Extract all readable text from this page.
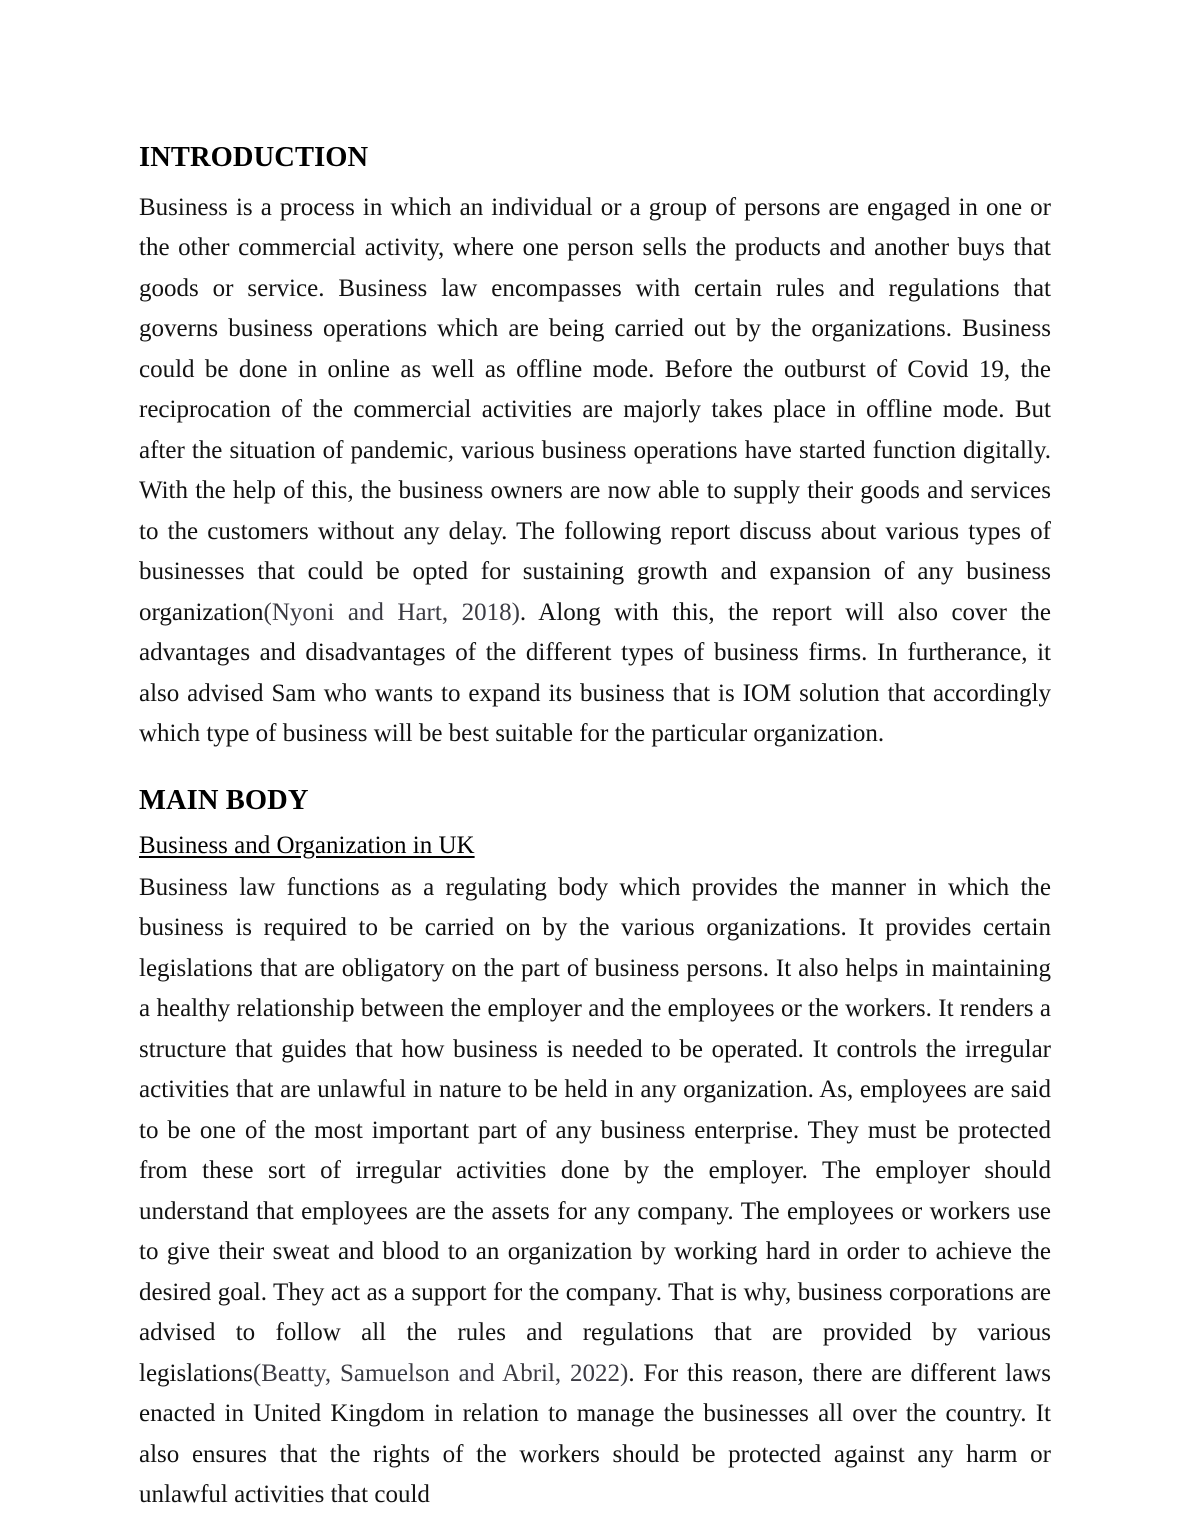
INTRODUCTION

Business is a process in which an individual or a group of persons are engaged in one or the other commercial activity, where one person sells the products and another buys that goods or service. Business law encompasses with certain rules and regulations that governs business operations which are being carried out by the organizations. Business could be done in online as well as offline mode. Before the outburst of Covid 19, the reciprocation of the commercial activities are majorly takes place in offline mode. But after the situation of pandemic, various business operations have started function digitally. With the help of this, the business owners are now able to supply their goods and services to the customers without any delay. The following report discuss about various types of businesses that could be opted for sustaining growth and expansion of any business organization(Nyoni and Hart, 2018). Along with this, the report will also cover the advantages and disadvantages of the different types of business firms. In furtherance, it also advised Sam who wants to expand its business that is IOM solution that accordingly which type of business will be best suitable for the particular organization.

MAIN BODY
Business and Organization in UK

Business law functions as a regulating body which provides the manner in which the business is required to be carried on by the various organizations. It provides certain legislations that are obligatory on the part of business persons. It also helps in maintaining a healthy relationship between the employer and the employees or the workers. It renders a structure that guides that how business is needed to be operated. It controls the irregular activities that are unlawful in nature to be held in any organization. As, employees are said to be one of the most important part of any business enterprise. They must be protected from these sort of irregular activities done by the employer. The employer should understand that employees are the assets for any company. The employees or workers use to give their sweat and blood to an organization by working hard in order to achieve the desired goal. They act as a support for the company. That is why, business corporations are advised to follow all the rules and regulations that are provided by various legislations(Beatty, Samuelson and Abril, 2022). For this reason, there are different laws enacted in United Kingdom in relation to manage the businesses all over the country. It also ensures that the rights of the workers should be protected against any harm or unlawful activities that could
